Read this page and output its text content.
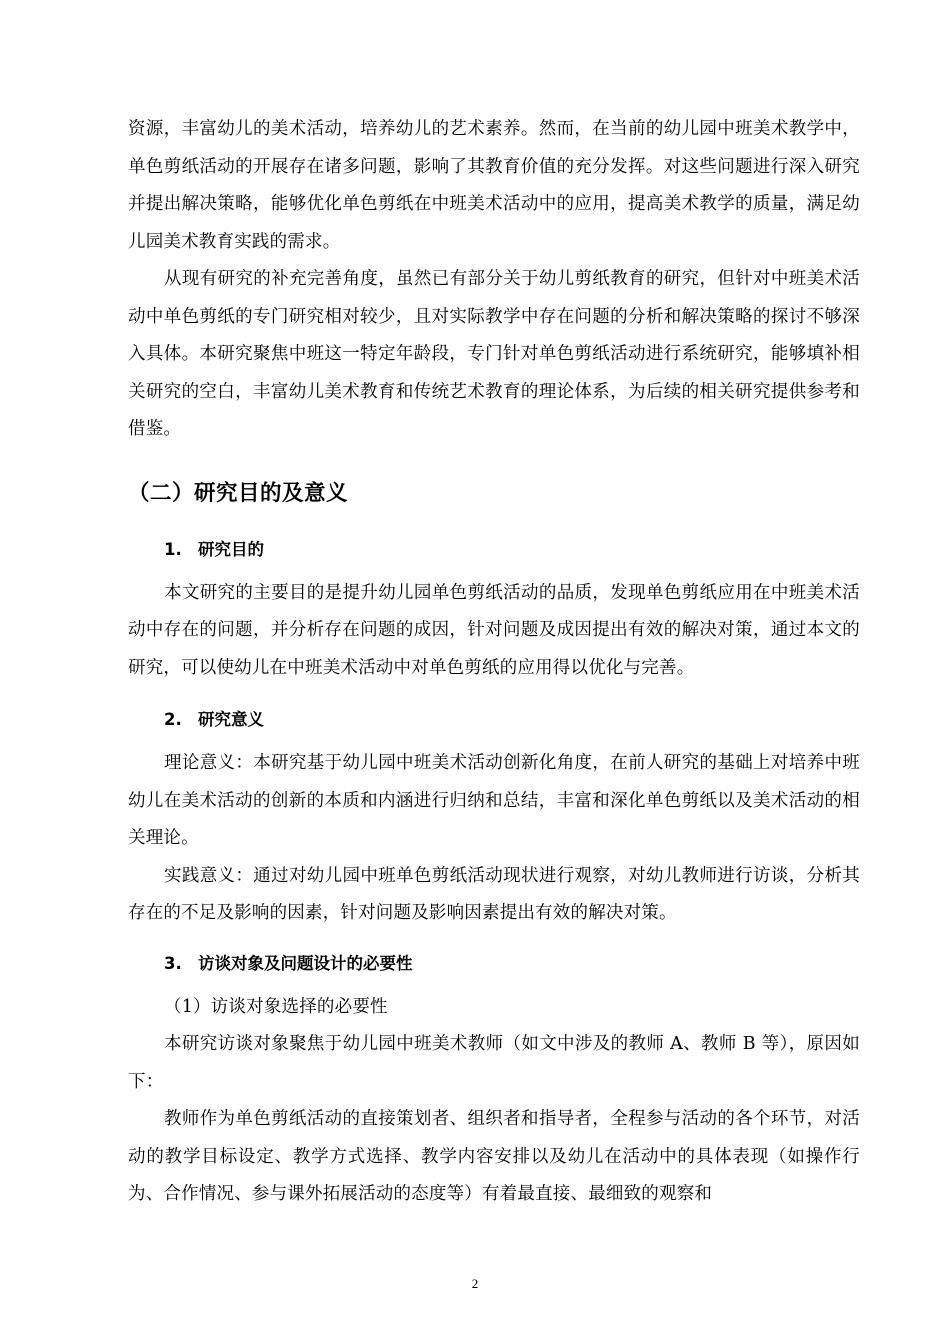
资源，丰富幼儿的美术活动，培养幼儿的艺术素养。然而，在当前的幼儿园中班美术教学中，单色剪纸活动的开展存在诸多问题，影响了其教育价值的充分发挥。对这些问题进行深入研究并提出解决策略，能够优化单色剪纸在中班美术活动中的应用，提高美术教学的质量，满足幼儿园美术教育实践的需求。

从现有研究的补充完善角度，虽然已有部分关于幼儿剪纸教育的研究，但针对中班美术活动中单色剪纸的专门研究相对较少，且对实际教学中存在问题的分析和解决策略的探讨不够深入具体。本研究聚焦中班这一特定年龄段，专门针对单色剪纸活动进行系统研究，能够填补相关研究的空白，丰富幼儿美术教育和传统艺术教育的理论体系，为后续的相关研究提供参考和借鉴。

（二）研究目的及意义
1. 研究目的

本文研究的主要目的是提升幼儿园单色剪纸活动的品质，发现单色剪纸应用在中班美术活动中存在的问题，并分析存在问题的成因，针对问题及成因提出有效的解决对策，通过本文的研究，可以使幼儿在中班美术活动中对单色剪纸的应用得以优化与完善。

2. 研究意义

理论意义：本研究基于幼儿园中班美术活动创新化角度，在前人研究的基础上对培养中班幼儿在美术活动的创新的本质和内涵进行归纳和总结，丰富和深化单色剪纸以及美术活动的相关理论。

实践意义：通过对幼儿园中班单色剪纸活动现状进行观察，对幼儿教师进行访谈，分析其存在的不足及影响的因素，针对问题及影响因素提出有效的解决对策。

3. 访谈对象及问题设计的必要性

（1）访谈对象选择的必要性

本研究访谈对象聚焦于幼儿园中班美术教师（如文中涉及的教师 A、教师 B 等），原因如下：

教师作为单色剪纸活动的直接策划者、组织者和指导者，全程参与活动的各个环节，对活动的教学目标设定、教学方式选择、教学内容安排以及幼儿在活动中的具体表现（如操作行为、合作情况、参与课外拓展活动的态度等）有着最直接、最细致的观察和

2
